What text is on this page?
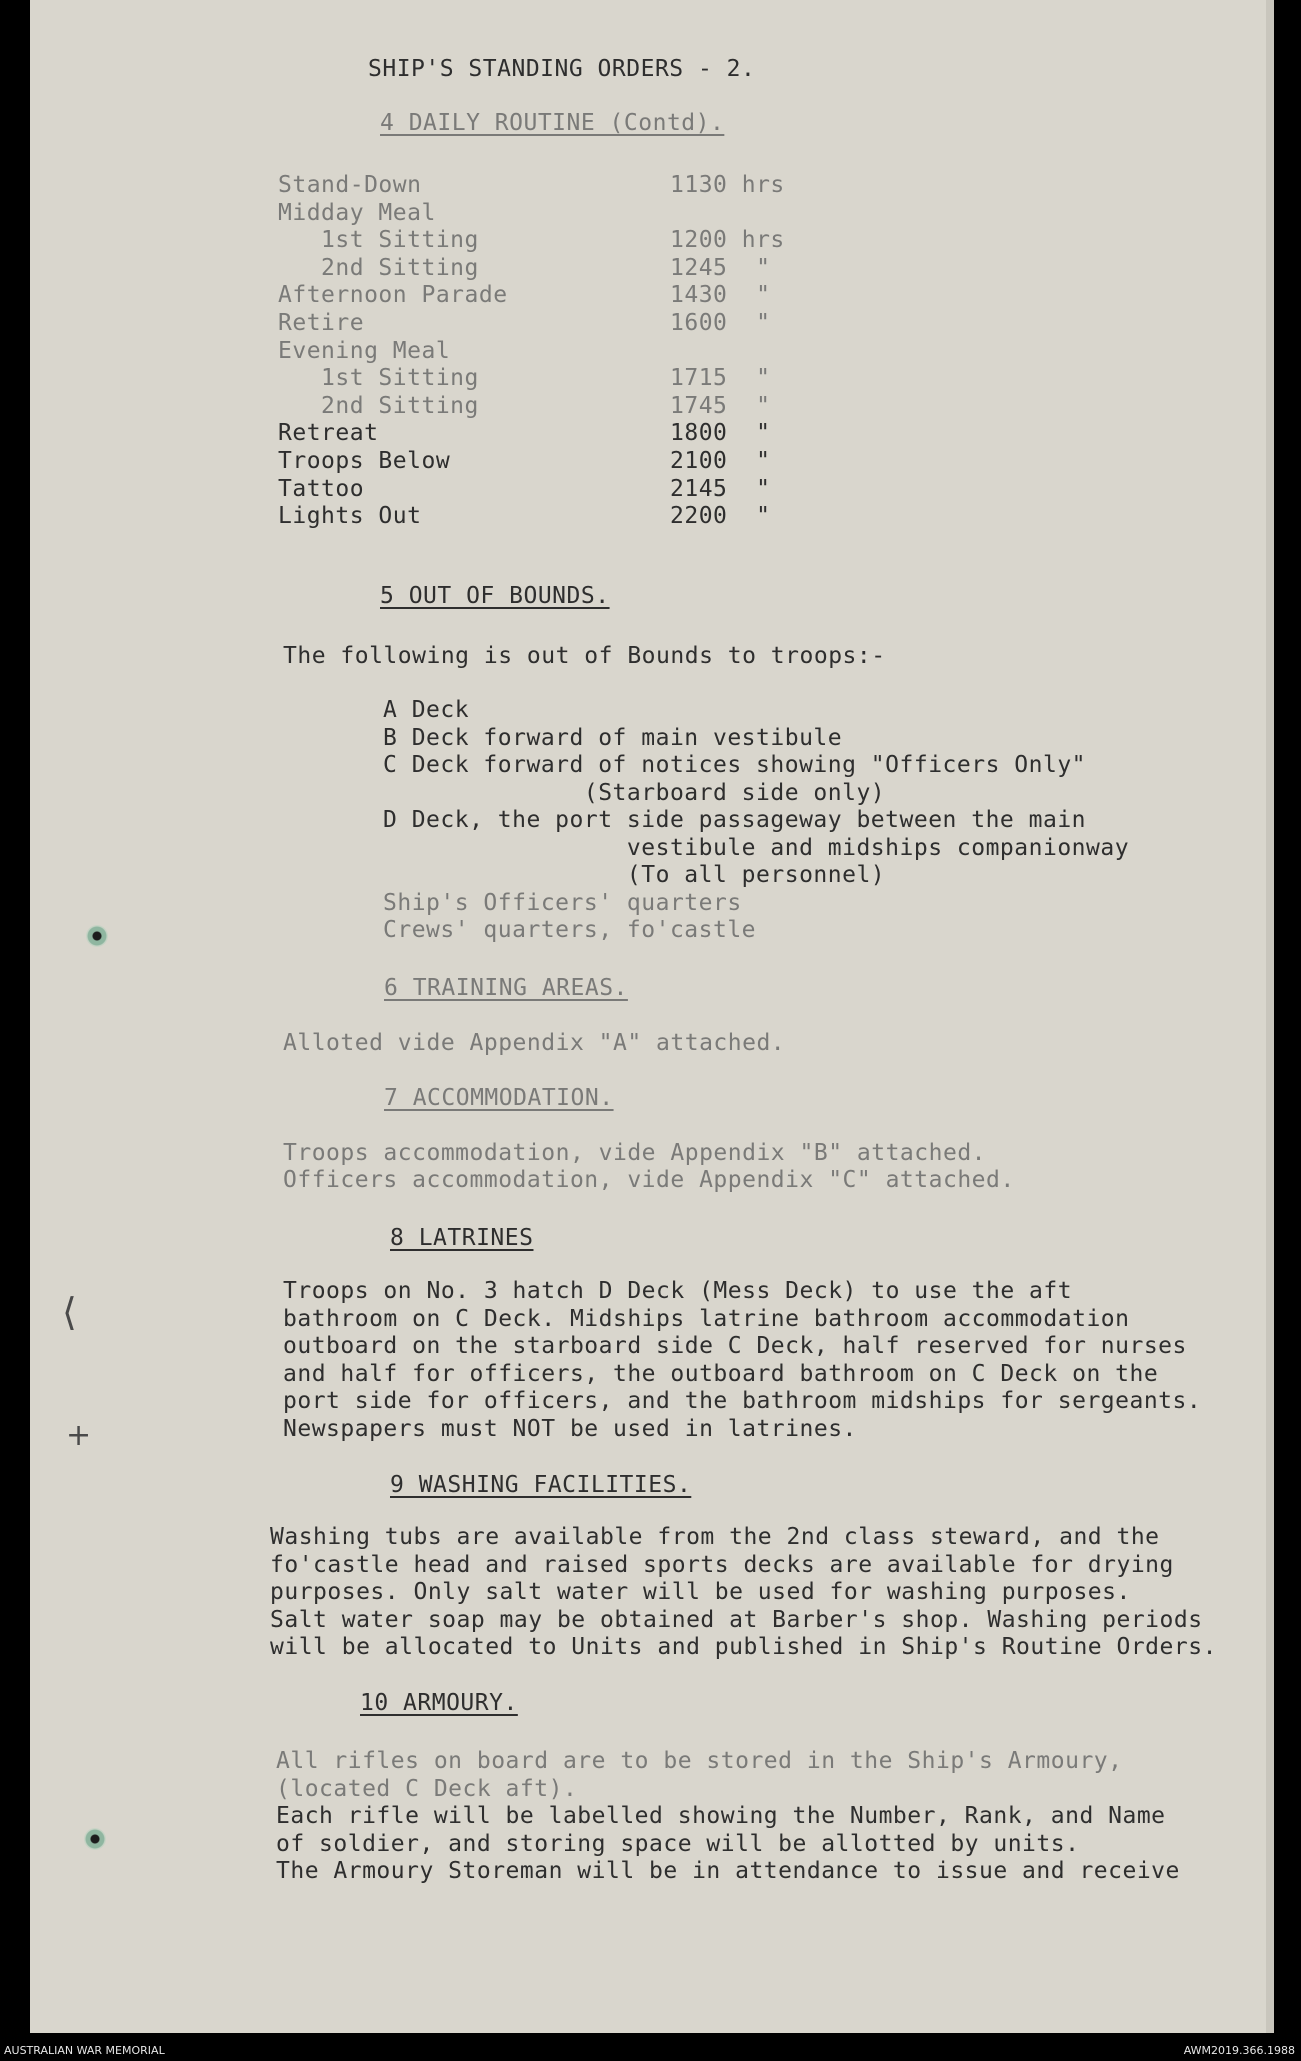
⟨
+
SHIP'S STANDING ORDERS - 2.
4 DAILY ROUTINE (Contd).
Stand-Down	1130 hrs
Midday Meal
1st Sitting	1200 hrs
2nd Sitting	1245  "
Afternoon Parade	1430  "
Retire	1600  "
Evening Meal
1st Sitting	1715  "
2nd Sitting	1745  "
Retreat	1800  "
Troops Below	2100  "
Tattoo	2145  "
Lights Out	2200  "
5 OUT OF BOUNDS.
The following is out of Bounds to troops:-
A Deck
B Deck forward of main vestibule
C Deck forward of notices showing "Officers Only"
(Starboard side only)
D Deck, the port side passageway between the main
vestibule and midships companionway
(To all personnel)
Ship's Officers' quarters
Crews' quarters, fo'castle
6 TRAINING AREAS.
Alloted vide Appendix "A" attached.
7 ACCOMMODATION.
Troops accommodation, vide Appendix "B" attached.
Officers accommodation, vide Appendix "C" attached.
8 LATRINES
Troops on No. 3 hatch D Deck (Mess Deck) to use the aft
bathroom on C Deck. Midships latrine bathroom accommodation
outboard on the starboard side C Deck, half reserved for nurses
and half for officers, the outboard bathroom on C Deck on the
port side for officers, and the bathroom midships for sergeants.
Newspapers must NOT be used in latrines.
9 WASHING FACILITIES.
Washing tubs are available from the 2nd class steward, and the
fo'castle head and raised sports decks are available for drying
purposes. Only salt water will be used for washing purposes.
Salt water soap may be obtained at Barber's shop. Washing periods
will be allocated to Units and published in Ship's Routine Orders.
10 ARMOURY.
All rifles on board are to be stored in the Ship's Armoury,
(located C Deck aft).
Each rifle will be labelled showing the Number, Rank, and Name
of soldier, and storing space will be allotted by units.
The Armoury Storeman will be in attendance to issue and receive
AUSTRALIAN WAR MEMORIAL	AWM2019.366.1988
